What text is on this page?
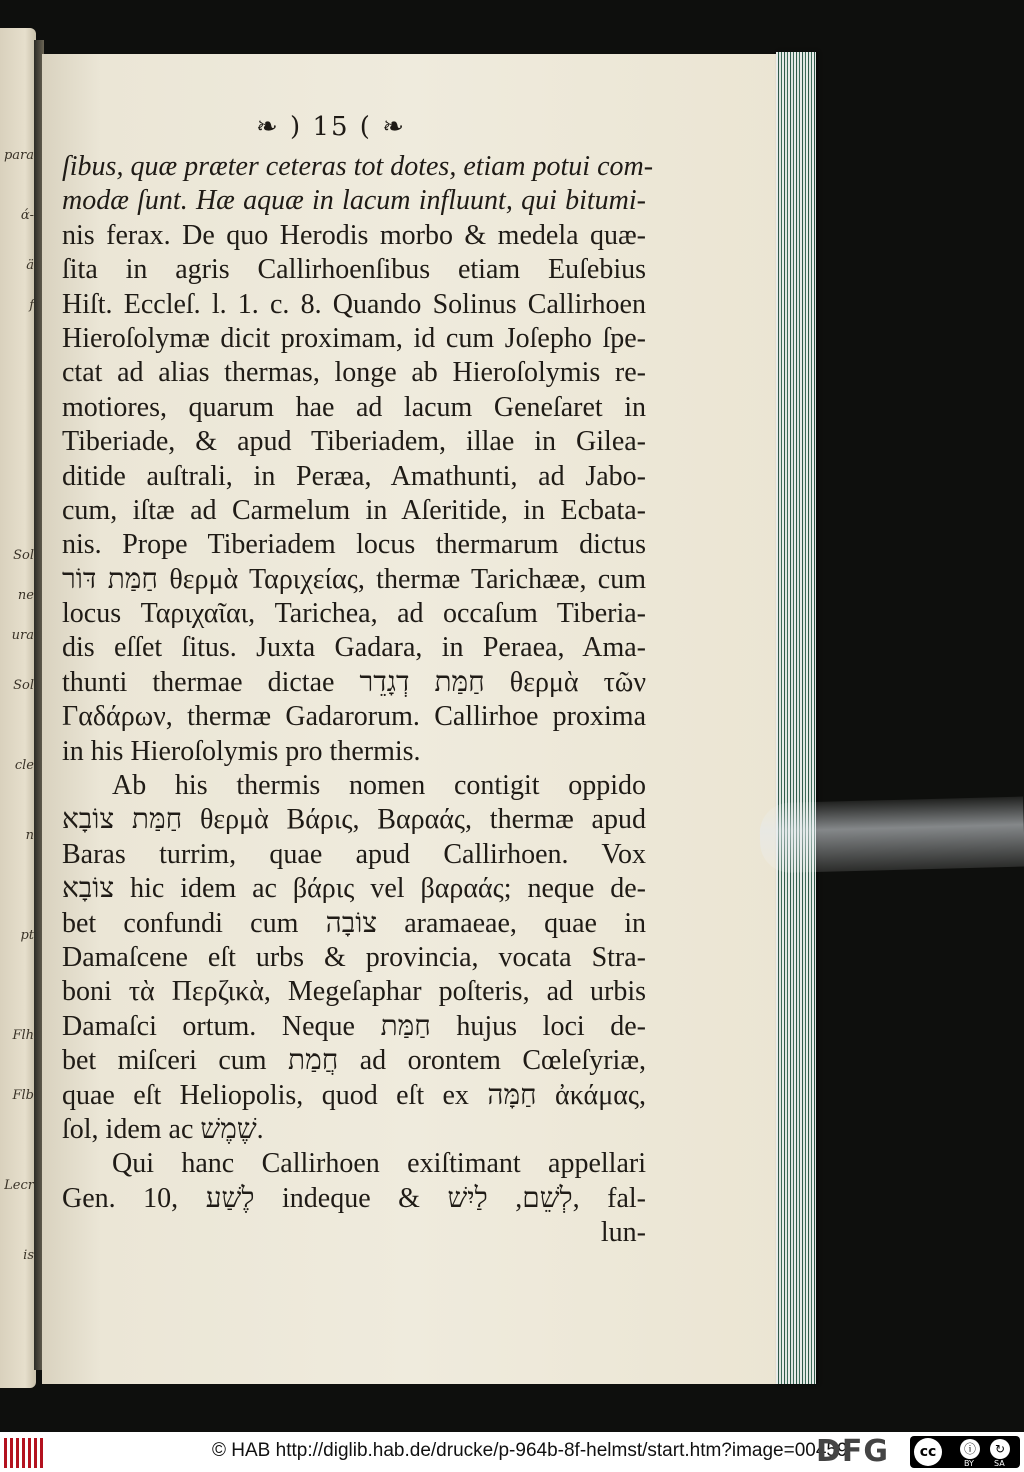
para
ά-
ä
f
Sol
ne
ura
Sol
cle
n
pt
Flh
Flb
Lecr
is
❧ ) 15 ( ❧
ſibus, quæ præter ceteras tot dotes, etiam potui com-
modæ ſunt. Hæ aquæ in lacum influunt, qui bitumi-
nis ferax. De quo Herodis morbo & medela quæ-
ſita in agris Callirhoenſibus etiam Euſebius
Hiſt. Eccleſ. l. 1. c. 8. Quando Solinus Callirhoen
Hieroſolymæ dicit proximam, id cum Joſepho ſpe-
ctat ad alias thermas, longe ab Hieroſolymis re-
motiores, quarum hae ad lacum Geneſaret in
Tiberiade, & apud Tiberiadem, illae in Gilea-
ditide auſtrali, in Peræa, Amathunti, ad Jabo-
cum, iſtæ ad Carmelum in Aſeritide, in Ecbata-
nis. Prope Tiberiadem locus thermarum dictus
חַמַּת דּוֹר θερμὰ Ταριχείας, thermæ Tarichææ, cum
locus Ταριχαῖαι, Tarichea, ad occaſum Tiberia-
dis eſſet ſitus. Juxta Gadara, in Peraea, Ama-
thunti thermae dictae חַמַּת דְגָדֵר θερμὰ τῶν
Γαδάρων, thermæ Gadarorum. Callirhoe proxima
in his Hieroſolymis pro thermis.
Ab his thermis nomen contigit oppido
חַמַּת צוֹבָא θερμὰ Βάρις, Βαραάς, thermæ apud
Baras turrim, quae apud Callirhoen. Vox
צוֹבָא hic idem ac βάρις vel βαραάς; neque de-
bet confundi cum צוֹבָה aramaeae, quae in
Damaſcene eſt urbs & provincia, vocata Stra-
boni τὰ Περζικὰ, Megeſaphar poſteris, ad urbis
Damaſci ortum. Neque חַמַּת hujus loci de-
bet miſceri cum חֲמַת ad orontem Cœleſyriæ,
quae eſt Heliopolis, quod eſt ex חַמָּה ἀκάμας,
ſol, idem ac שֶׁמֶשׁ.
Qui hanc Callirhoen exiſtimant appellari
Gen. 10, לֶשַׁע indeque & לְשֵׁם, לַיִשׁ, fal-
lun-
© HAB http://diglib.hab.de/drucke/p-964b-8f-helmst/start.htm?image=00459
DFG	cc	ⓘ	↻
BY	SA
